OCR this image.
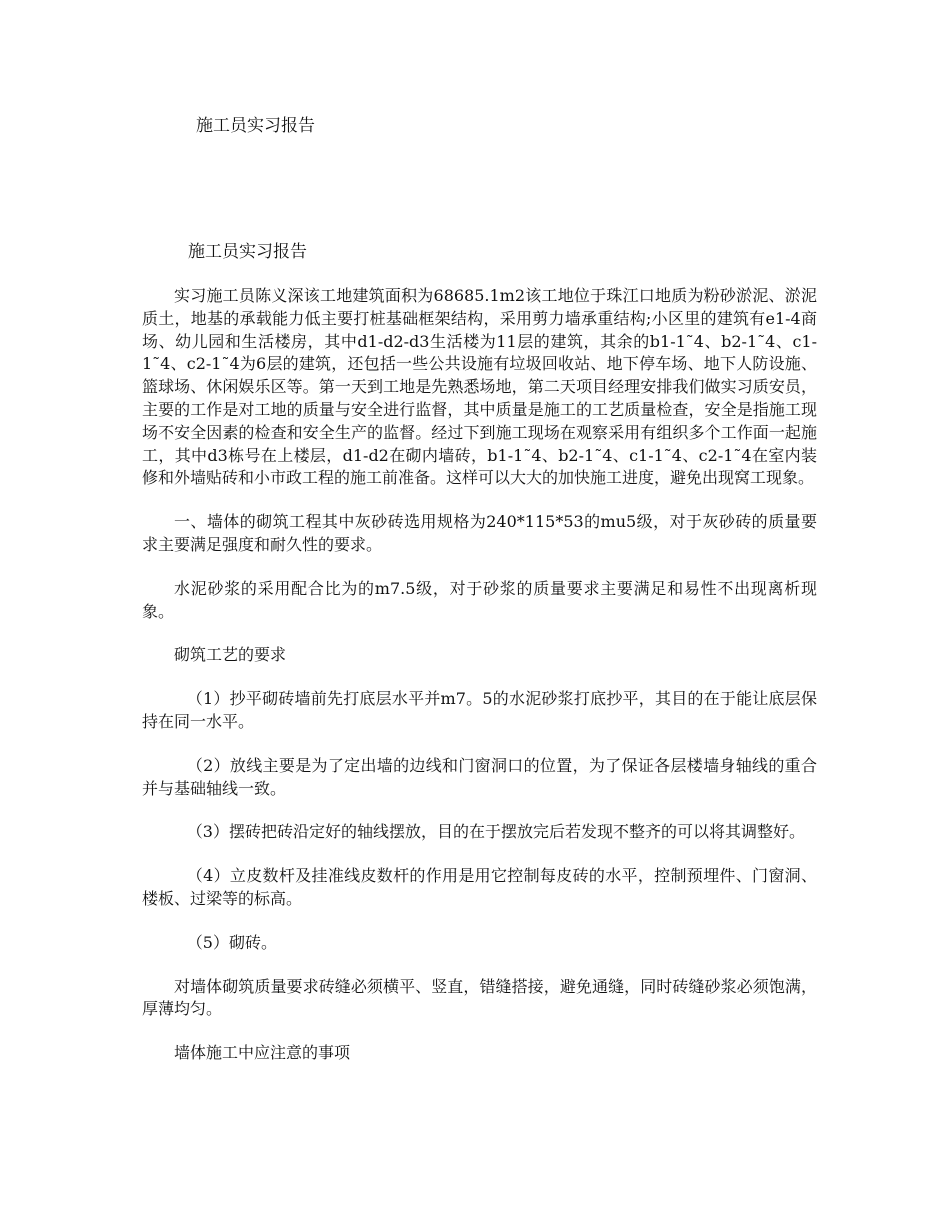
施工员实习报告
施工员实习报告

实习施工员陈义深该工地建筑面积为68685.1m2该工地位于珠江口地质为粉砂淤泥、淤泥质土，地基的承载能力低主要打桩基础框架结构，采用剪力墙承重结构;小区里的建筑有e1-4商场、幼儿园和生活楼房，其中d1-d2-d3生活楼为11层的建筑，其余的b1-1˜4、b2-1˜4、c1-1˜4、c2-1˜4为6层的建筑，还包括一些公共设施有垃圾回收站、地下停车场、地下人防设施、篮球场、休闲娱乐区等。第一天到工地是先熟悉场地，第二天项目经理安排我们做实习质安员，主要的工作是对工地的质量与安全进行监督，其中质量是施工的工艺质量检查，安全是指施工现场不安全因素的检查和安全生产的监督。经过下到施工现场在观察采用有组织多个工作面一起施工，其中d3栋号在上楼层，d1-d2在砌内墙砖，b1-1˜4、b2-1˜4、c1-1˜4、c2-1˜4在室内装修和外墙贴砖和小市政工程的施工前准备。这样可以大大的加快施工进度，避免出现窝工现象。

一、墙体的砌筑工程其中灰砂砖选用规格为240*115*53的mu5级，对于灰砂砖的质量要求主要满足强度和耐久性的要求。

水泥砂浆的采用配合比为的m7.5级，对于砂浆的质量要求主要满足和易性不出现离析现象。

砌筑工艺的要求

（1）抄平砌砖墙前先打底层水平并m7。5的水泥砂浆打底抄平，其目的在于能让底层保持在同一水平。

（2）放线主要是为了定出墙的边线和门窗洞口的位置，为了保证各层楼墙身轴线的重合并与基础轴线一致。

（3）摆砖把砖沿定好的轴线摆放，目的在于摆放完后若发现不整齐的可以将其调整好。

（4）立皮数杆及挂准线皮数杆的作用是用它控制每皮砖的水平，控制预埋件、门窗洞、楼板、过梁等的标高。

（5）砌砖。

对墙体砌筑质量要求砖缝必须横平、竖直，错缝搭接，避免通缝，同时砖缝砂浆必须饱满，厚薄均匀。

墙体施工中应注意的事项
